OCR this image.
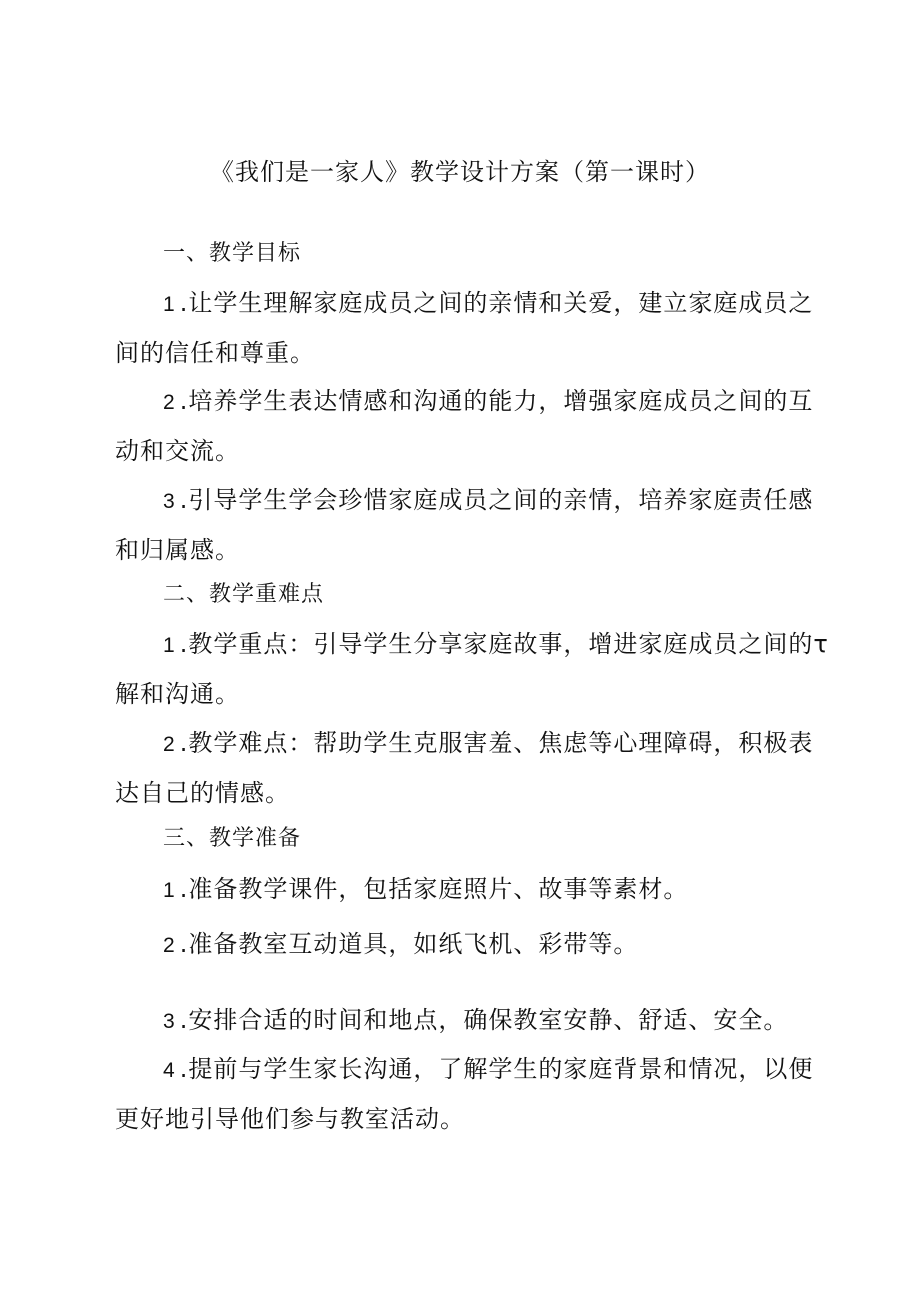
《我们是一家人》教学设计方案（第一课时）
一、教学目标
1 .让学生理解家庭成员之间的亲情和关爱，建立家庭成员之间的信任和尊重。
2 .培养学生表达情感和沟通的能力，增强家庭成员之间的互动和交流。
3 .引导学生学会珍惜家庭成员之间的亲情，培养家庭责任感和归属感。
二、教学重难点
1 .教学重点：引导学生分享家庭故事，增进家庭成员之间的τ解和沟通。
2 .教学难点：帮助学生克服害羞、焦虑等心理障碍，积极表达自己的情感。
三、教学准备
1 .准备教学课件，包括家庭照片、故事等素材。
2 .准备教室互动道具，如纸飞机、彩带等。
3 .安排合适的时间和地点，确保教室安静、舒适、安全。
4 .提前与学生家长沟通，了解学生的家庭背景和情况，以便更好地引导他们参与教室活动。
